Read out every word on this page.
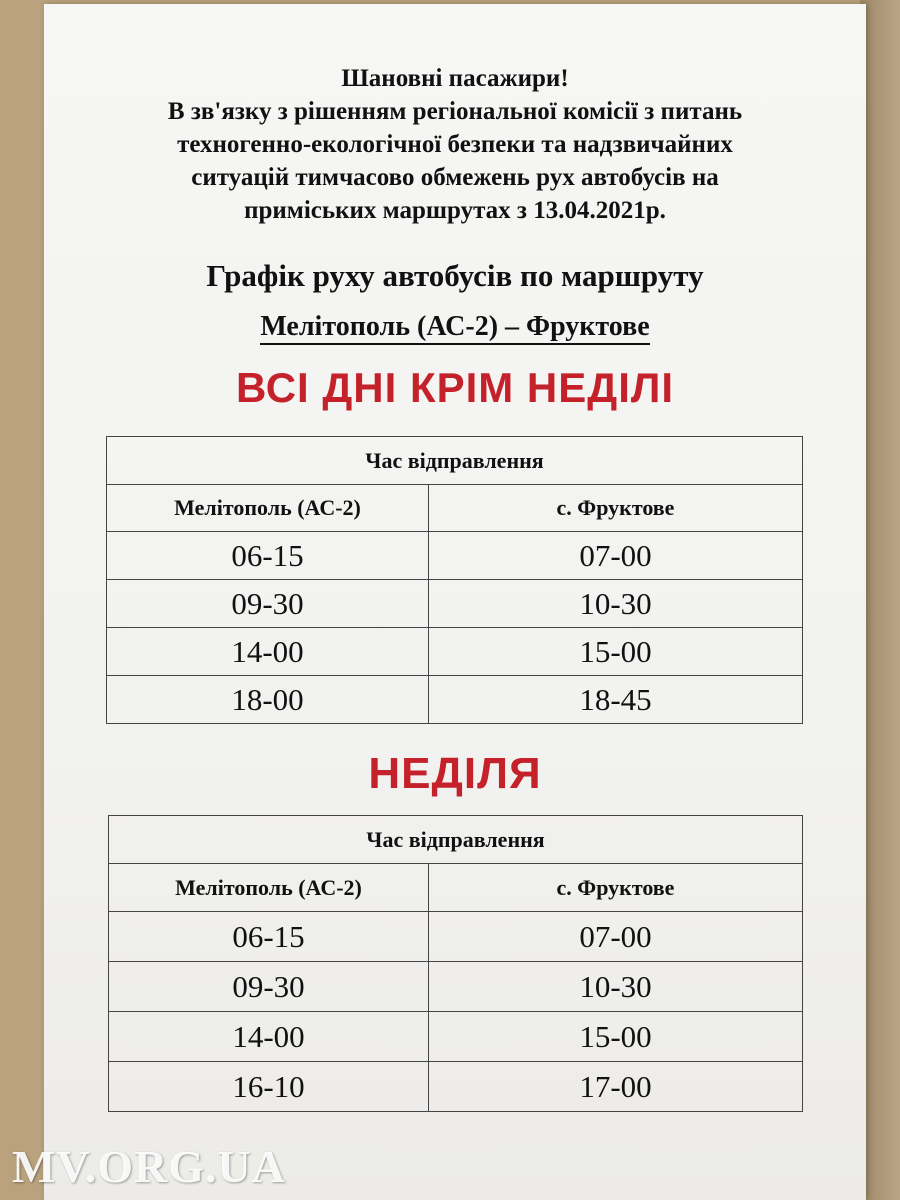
Шановні пасажири!
В зв'язку з рішенням регіональної комісії з питань
техногенно-екологічної безпеки та надзвичайних
ситуацій тимчасово обмежень рух автобусів на
приміських маршрутах з 13.04.2021р.
Графік руху автобусів по маршруту
Мелітополь (АС-2) – Фруктове
ВСІ ДНІ КРІМ НЕДІЛІ
Час відправлення	
Мелітополь (АС-2)	с. Фруктове
06-15	07-00
09-30	10-30
14-00	15-00
18-00	18-45
НЕДІЛЯ
Час відправлення	
Мелітополь (АС-2)	с. Фруктове
06-15	07-00
09-30	10-30
14-00	15-00
16-10	17-00
MV.ORG.UA
